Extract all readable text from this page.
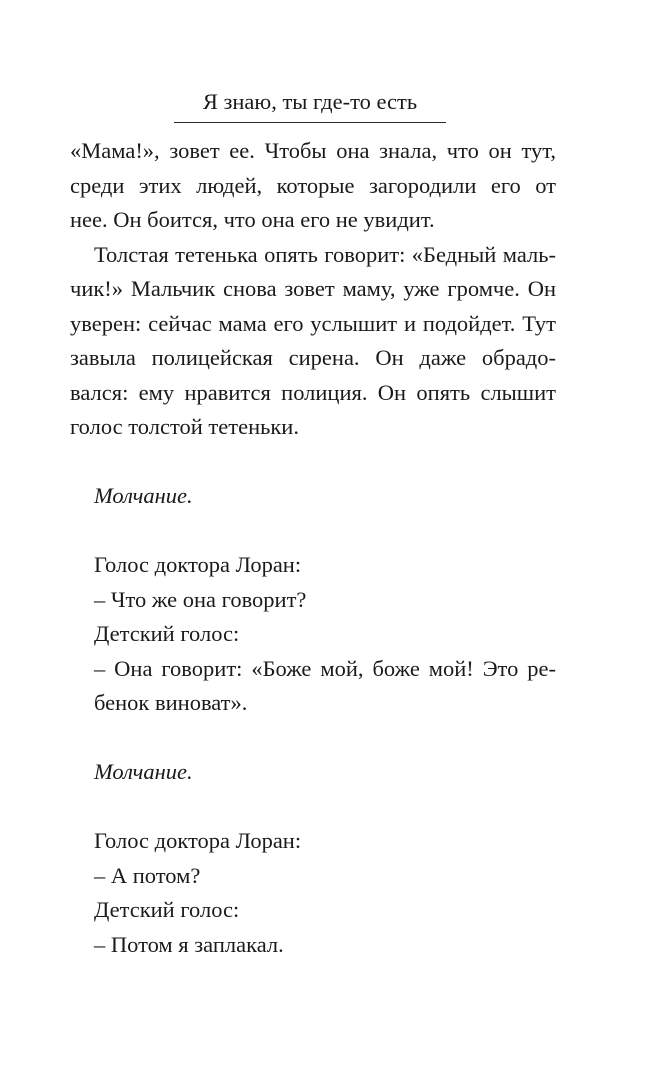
Я знаю, ты где-то есть
«Мама!», зовет ее. Чтобы она знала, что он тут,
среди этих людей, которые загородили его от
нее. Он боится, что она его не увидит.
Толстая тетенька опять говорит: «Бедный маль-
чик!» Мальчик снова зовет маму, уже громче. Он
уверен: сейчас мама его услышит и подойдет. Тут
завыла полицейская сирена. Он даже обрадо-
вался: ему нравится полиция. Он опять слышит
голос толстой тетеньки.
Молчание.
Голос доктора Лоран:
– Что же она говорит?
Детский голос:
– Она говорит: «Боже мой, боже мой! Это ре-
бенок виноват».
Молчание.
Голос доктора Лоран:
– А потом?
Детский голос:
– Потом я заплакал.
